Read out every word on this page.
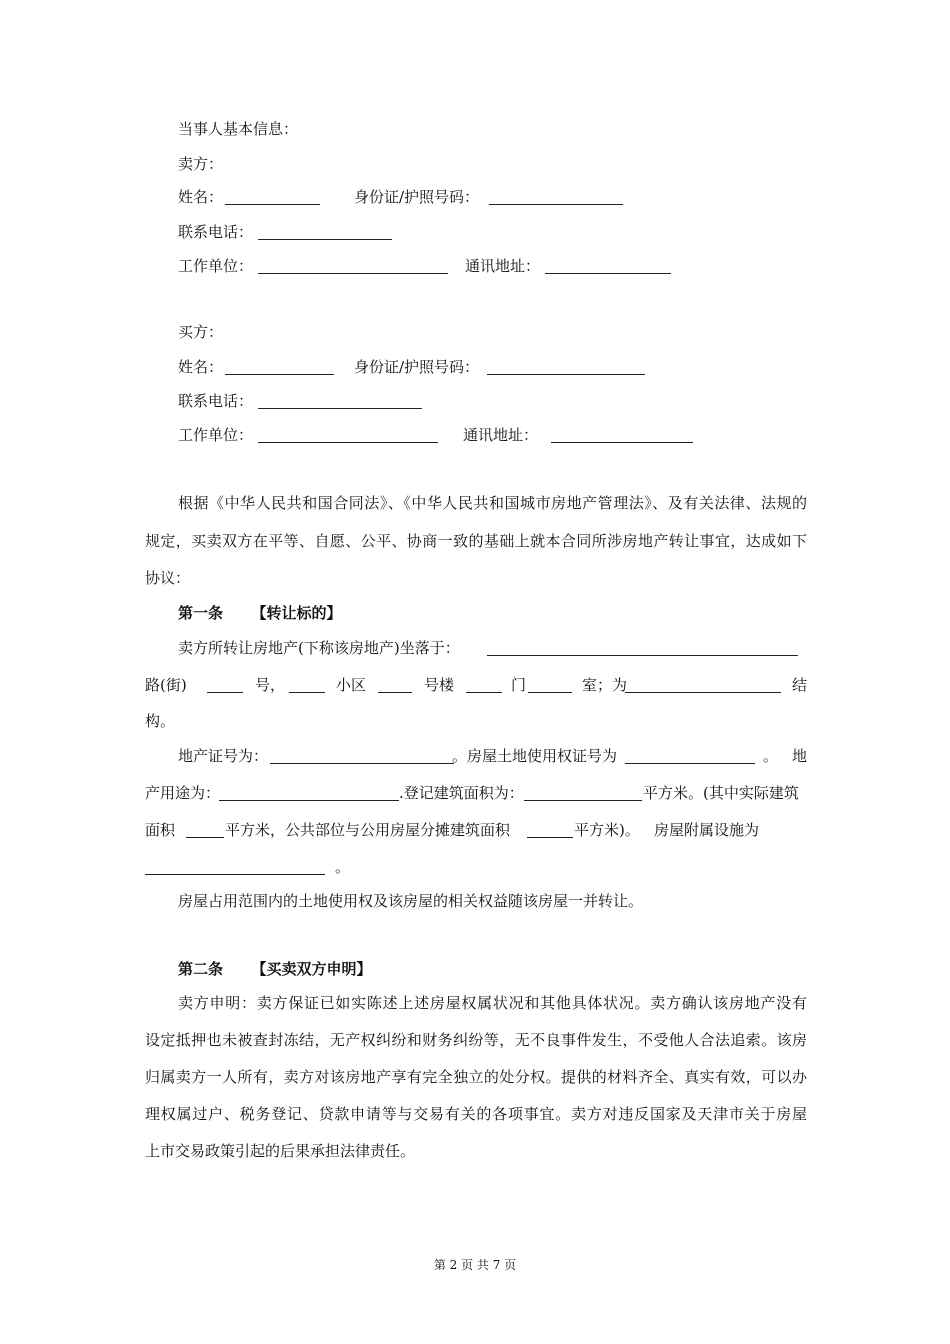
当事人基本信息：
卖方：
姓名：	身份证/护照号码：
联系电话：
工作单位：	通讯地址：
买方：
姓名：	身份证/护照号码：
联系电话：
工作单位：	通讯地址：
根据《中华人民共和国合同法》、《中华人民共和国城市房地产管理法》、及有关法律、法规的
规定，买卖双方在平等、自愿、公平、协商一致的基础上就本合同所涉房地产转让事宜，达成如下
协议：
第一条 【转让标的】
卖方所转让房地产(下称该房地产)坐落于：
路(街)	号，	小区	号楼	门	室；为	结
构。
地产证号为：	。房屋土地使用权证号为	。 地
产用途为：	.登记建筑面积为：	平方米。(其中实际建筑
面积	平方米，公共部位与公用房屋分摊建筑面积	平方米)。 房屋附属设施为
。
房屋占用范围内的土地使用权及该房屋的相关权益随该房屋一并转让。
第二条 【买卖双方申明】
卖方申明：卖方保证已如实陈述上述房屋权属状况和其他具体状况。卖方确认该房地产没有
设定抵押也未被查封冻结，无产权纠纷和财务纠纷等，无不良事件发生，不受他人合法追索。该房
归属卖方一人所有，卖方对该房地产享有完全独立的处分权。提供的材料齐全、真实有效，可以办
理权属过户、税务登记、贷款申请等与交易有关的各项事宜。卖方对违反国家及天津市关于房屋
上市交易政策引起的后果承担法律责任。
第 2 页 共 7 页
